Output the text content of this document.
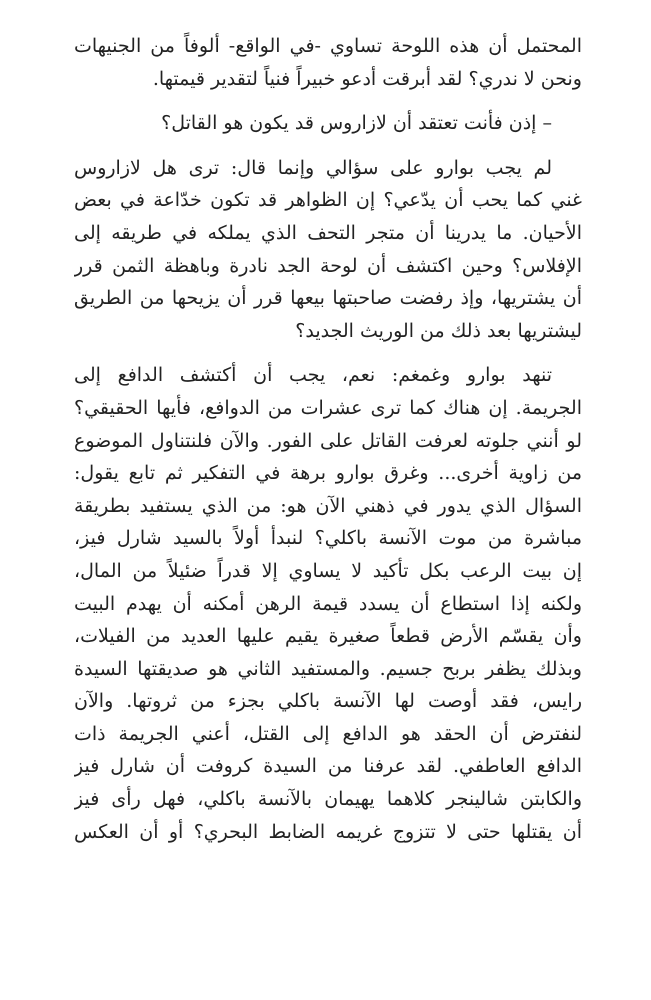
المحتمل أن هذه اللوحة تساوي -في الواقع- ألوفاً من الجنيهات
ونحن لا ندري؟ لقد أبرقت أدعو خبيراً فنياً لتقدير قيمتها.

– إذن فأنت تعتقد أن لازاروس قد يكون هو القاتل؟

لم يجب بوارو على سؤالي وإنما قال: ترى هل لازاروس
غني كما يحب أن يدّعي؟ إن الظواهر قد تكون خدّاعة في بعض
الأحيان. ما يدرينا أن متجر التحف الذي يملكه في طريقه إلى
الإفلاس؟ وحين اكتشف أن لوحة الجد نادرة وباهظة الثمن قرر
أن يشتريها، وإذ رفضت صاحبتها بيعها قرر أن يزيحها من الطريق
ليشتريها بعد ذلك من الوريث الجديد؟

تنهد بوارو وغمغم: نعم، يجب أن أكتشف الدافع إلى
الجريمة. إن هناك كما ترى عشرات من الدوافع، فأيها الحقيقي؟
لو أنني جلوته لعرفت القاتل على الفور. والآن فلنتناول الموضوع
من زاوية أخرى... وغرق بوارو برهة في التفكير ثم تابع يقول:
السؤال الذي يدور في ذهني الآن هو: من الذي يستفيد بطريقة
مباشرة من موت الآنسة باكلي؟ لنبدأ أولاً بالسيد شارل فيز،
إن بيت الرعب بكل تأكيد لا يساوي إلا قدراً ضئيلاً من المال،
ولكنه إذا استطاع أن يسدد قيمة الرهن أمكنه أن يهدم البيت
وأن يقسّم الأرض قطعاً صغيرة يقيم عليها العديد من الفيلات،
وبذلك يظفر بربح جسيم. والمستفيد الثاني هو صديقتها السيدة
رايس، فقد أوصت لها الآنسة باكلي بجزء من ثروتها. والآن
لنفترض أن الحقد هو الدافع إلى القتل، أعني الجريمة ذات
الدافع العاطفي. لقد عرفنا من السيدة كروفت أن شارل فيز
والكابتن شالينجر كلاهما يهيمان بالآنسة باكلي، فهل رأى فيز
أن يقتلها حتى لا تتزوج غريمه الضابط البحري؟ أو أن العكس
